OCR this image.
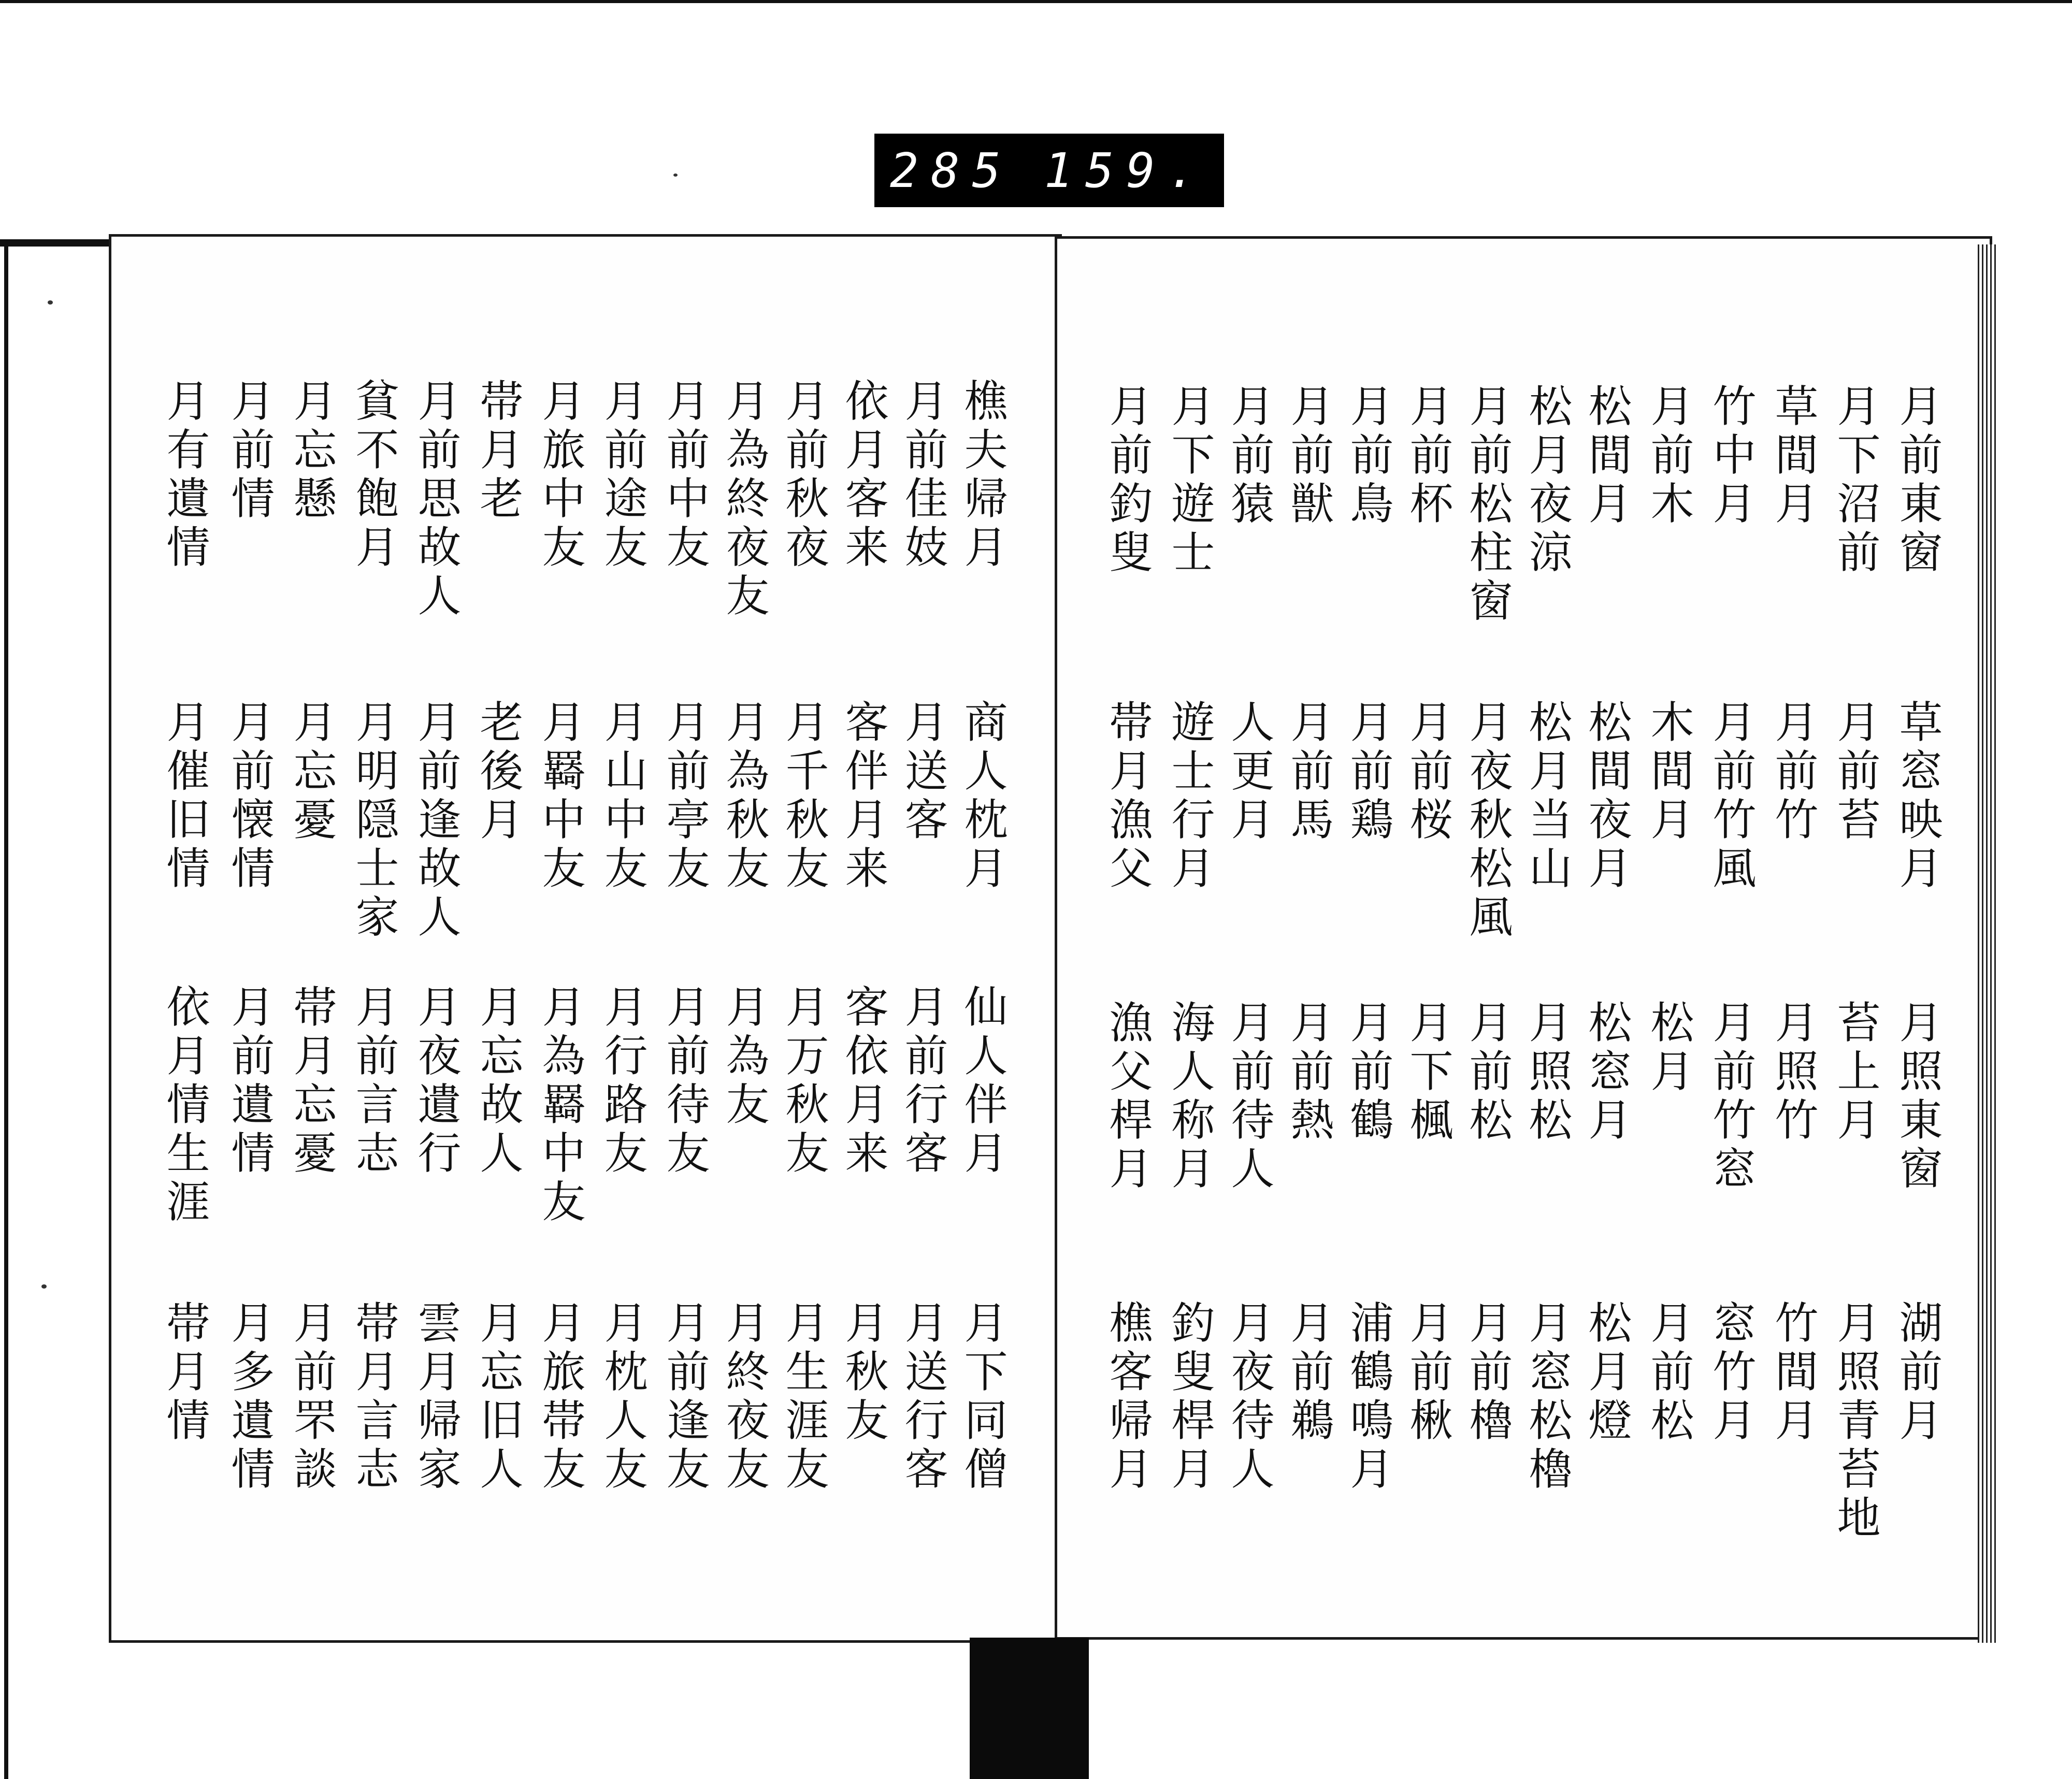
285 159.
月前東窗
月下沼前
草間月
竹中月
月前木
松間月
松月夜涼
月前松柱窗
月前杯
月前鳥
月前獣
月前猿
月下遊士
月前釣叟
草窓映月
月前苔
月前竹
月前竹風
木間月
松間夜月
松月当山
月夜秋松風
月前桜
月前鶏
月前馬
人更月
遊士行月
帯月漁父
月照東窗
苔上月
月照竹
月前竹窓
松月
松窓月
月照松
月前松
月下楓
月前鶴
月前熱
月前待人
海人称月
漁父桿月
湖前月
月照青苔地
竹間月
窓竹月
月前松
松月燈
月窓松櫓
月前櫓
月前楸
浦鶴鳴月
月前鵜
月夜待人
釣叟桿月
樵客帰月
樵夫帰月
月前佳妓
依月客来
月前秋夜
月為終夜友
月前中友
月前途友
月旅中友
帯月老
月前思故人
貧不飽月
月忘懸
月前情
月有遺情
商人枕月
月送客
客伴月来
月千秋友
月為秋友
月前亭友
月山中友
月羇中友
老後月
月前逢故人
月明隠士家
月忘憂
月前懐情
月催旧情
仙人伴月
月前行客
客依月来
月万秋友
月為友
月前待友
月行路友
月為羇中友
月忘故人
月夜遺行
月前言志
帯月忘憂
月前遺情
依月情生涯
月下同僧
月送行客
月秋友
月生涯友
月終夜友
月前逢友
月枕人友
月旅帯友
月忘旧人
雲月帰家
帯月言志
月前罘談
月多遺情
帯月情
